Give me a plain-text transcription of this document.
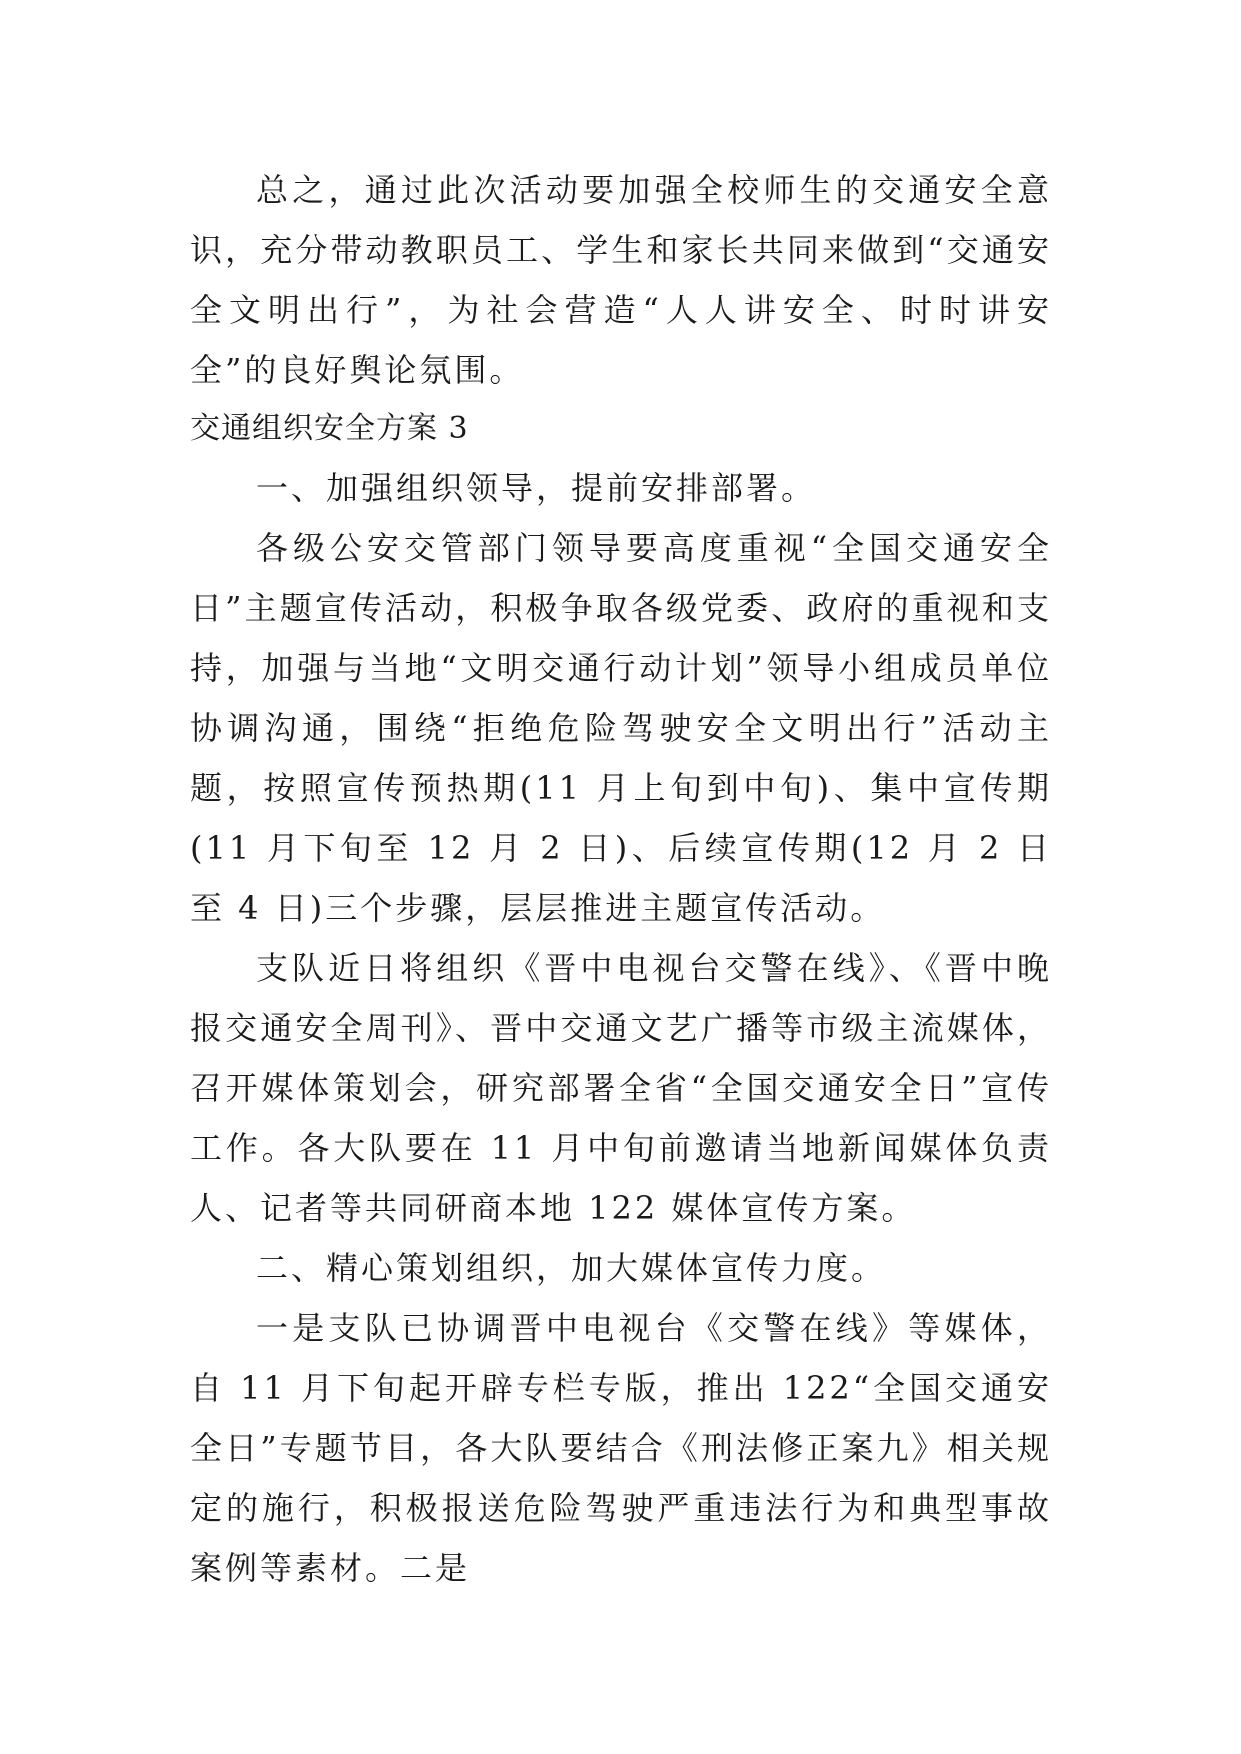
总之，通过此次活动要加强全校师生的交通安全意识，充分带动教职员工、学生和家长共同来做到“交通安全文明出行”，为社会营造“人人讲安全、时时讲安全”的良好舆论氛围。

交通组织安全方案 3

一、加强组织领导，提前安排部署。

各级公安交管部门领导要高度重视“全国交通安全日”主题宣传活动，积极争取各级党委、政府的重视和支持，加强与当地“文明交通行动计划”领导小组成员单位协调沟通，围绕“拒绝危险驾驶安全文明出行”活动主题，按照宣传预热期(11 月上旬到中旬)、集中宣传期(11 月下旬至 12 月 2 日)、后续宣传期(12 月 2 日至 4 日)三个步骤，层层推进主题宣传活动。

支队近日将组织《晋中电视台交警在线》、《晋中晚报交通安全周刊》、晋中交通文艺广播等市级主流媒体，召开媒体策划会，研究部署全省“全国交通安全日”宣传工作。各大队要在 11 月中旬前邀请当地新闻媒体负责人、记者等共同研商本地 122 媒体宣传方案。

二、精心策划组织，加大媒体宣传力度。

一是支队已协调晋中电视台《交警在线》等媒体，自 11 月下旬起开辟专栏专版，推出 122“全国交通安全日”专题节目，各大队要结合《刑法修正案九》相关规定的施行，积极报送危险驾驶严重违法行为和典型事故案例等素材。二是
